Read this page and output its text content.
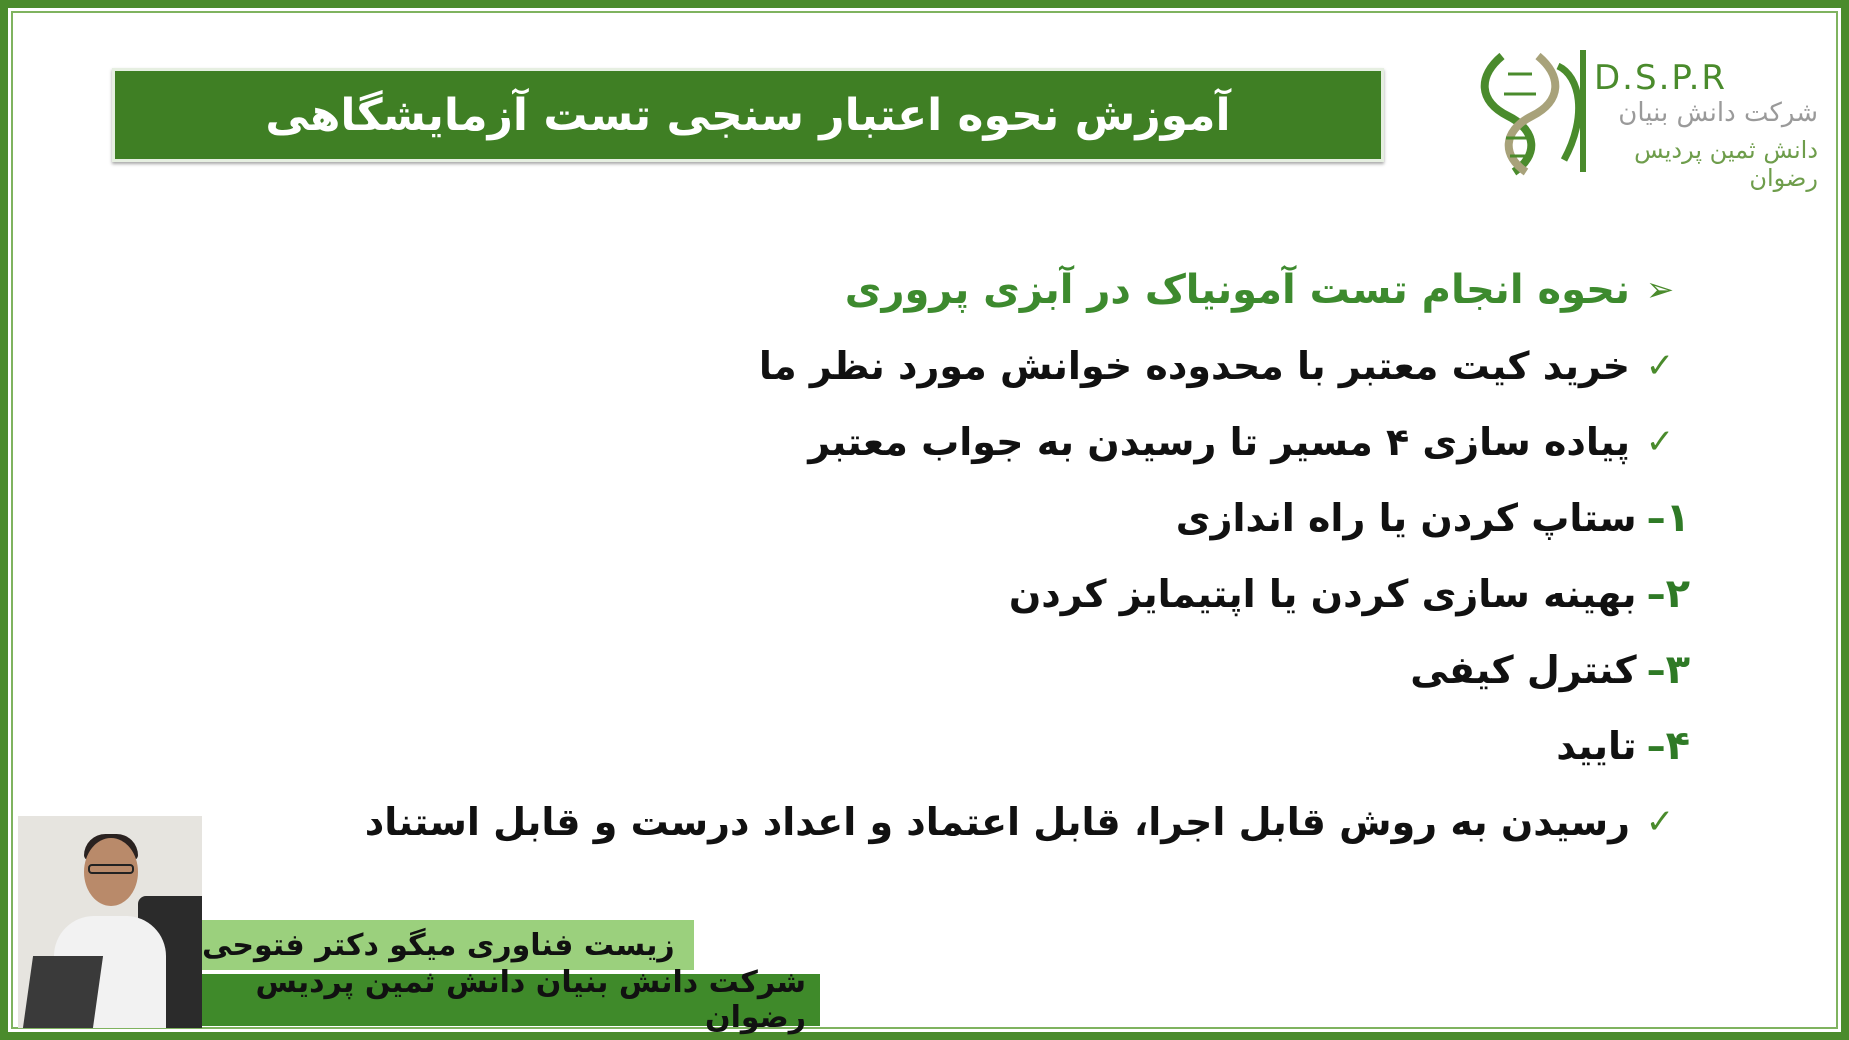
آموزش نحوه اعتبار سنجی تست آزمایشگاهی
D.S.P.R
شرکت دانش بنیان
دانش ثمین پردیس رضوان
➢
نحوه انجام تست آمونیاک در آبزی پروری
✓
خرید کیت معتبر با محدوده خوانش مورد نظر ما
✓
پیاده سازی ۴ مسیر تا رسیدن به جواب معتبر
۱
–
ستاپ کردن یا راه اندازی
۲
–
بهینه سازی کردن یا اپتیمایز کردن
۳
–
کنترل کیفی
۴
–
تایید
✓
رسیدن به روش قابل اجرا، قابل اعتماد و اعداد درست و قابل استناد
زیست فناوری میگو دکتر فتوحی
شرکت دانش بنیان دانش ثمین پردیس رضوان
